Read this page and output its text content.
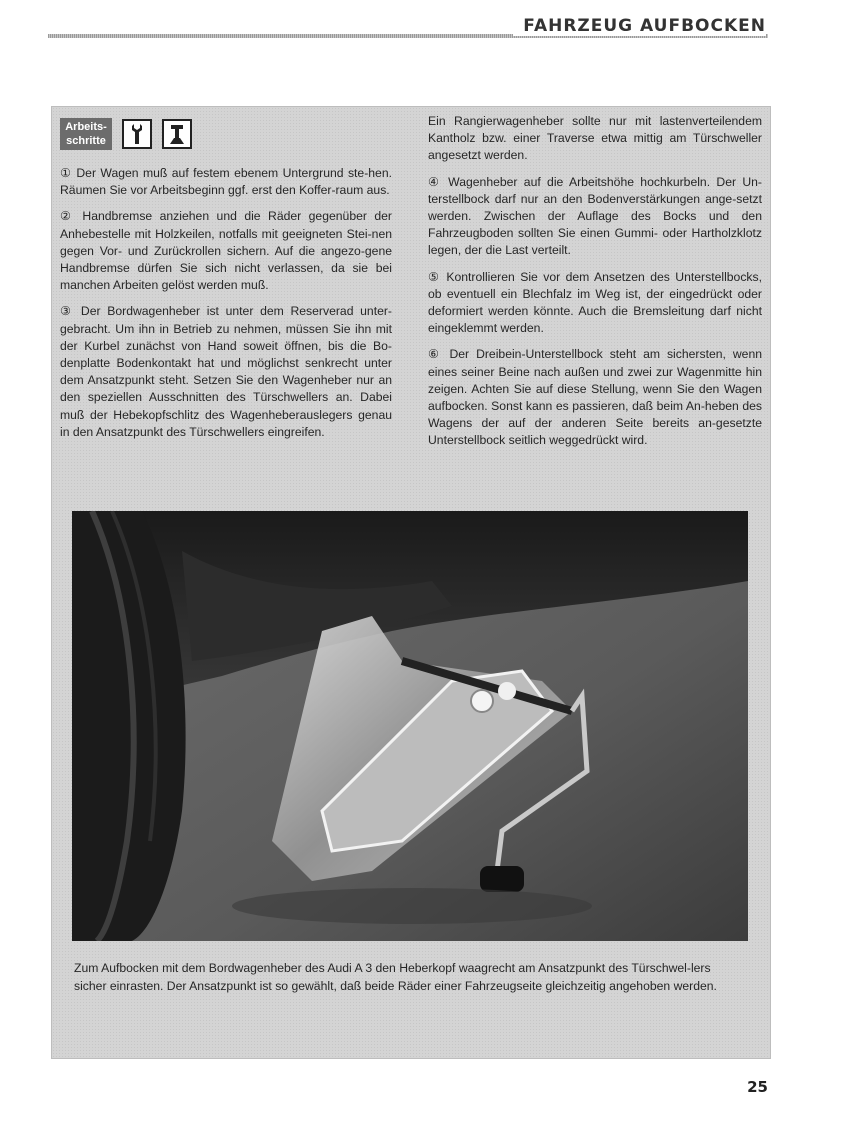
FAHRZEUG AUFBOCKEN
Arbeits-
schritte

① Der Wagen muß auf festem ebenem Untergrund ste-hen. Räumen Sie vor Arbeitsbeginn ggf. erst den Koffer-raum aus.

② Handbremse anziehen und die Räder gegenüber der Anhebestelle mit Holzkeilen, notfalls mit geeigneten Stei-nen gegen Vor- und Zurückrollen sichern. Auf die angezo-gene Handbremse dürfen Sie sich nicht verlassen, da sie bei manchen Arbeiten gelöst werden muß.

③ Der Bordwagenheber ist unter dem Reserverad unter-gebracht. Um ihn in Betrieb zu nehmen, müssen Sie ihn mit der Kurbel zunächst von Hand soweit öffnen, bis die Bo-denplatte Bodenkontakt hat und möglichst senkrecht unter dem Ansatzpunkt steht. Setzen Sie den Wagenheber nur an den speziellen Ausschnitten des Türschwellers an. Dabei muß der Hebekopfschlitz des Wagenheberauslegers genau in den Ansatzpunkt des Türschwellers eingreifen.

Ein Rangierwagenheber sollte nur mit lastenverteilendem Kantholz bzw. einer Traverse etwa mittig am Türschweller angesetzt werden.

④ Wagenheber auf die Arbeitshöhe hochkurbeln. Der Un-terstellbock darf nur an den Bodenverstärkungen ange-setzt werden. Zwischen der Auflage des Bocks und den Fahrzeugboden sollten Sie einen Gummi- oder Hartholzklotz legen, der die Last verteilt.

⑤ Kontrollieren Sie vor dem Ansetzen des Unterstellbocks, ob eventuell ein Blechfalz im Weg ist, der eingedrückt oder deformiert werden könnte. Auch die Bremsleitung darf nicht eingeklemmt werden.

⑥ Der Dreibein-Unterstellbock steht am sichersten, wenn eines seiner Beine nach außen und zwei zur Wagenmitte hin zeigen. Achten Sie auf diese Stellung, wenn Sie den Wagen aufbocken. Sonst kann es passieren, daß beim An-heben des Wagens der auf der anderen Seite bereits an-gesetzte Unterstellbock seitlich weggedrückt wird.

Zum Aufbocken mit dem Bordwagenheber des Audi A 3 den Heberkopf waagrecht am Ansatzpunkt des Türschwel-lers sicher einrasten. Der Ansatzpunkt ist so gewählt, daß beide Räder einer Fahrzeugseite gleichzeitig angehoben werden.
25
